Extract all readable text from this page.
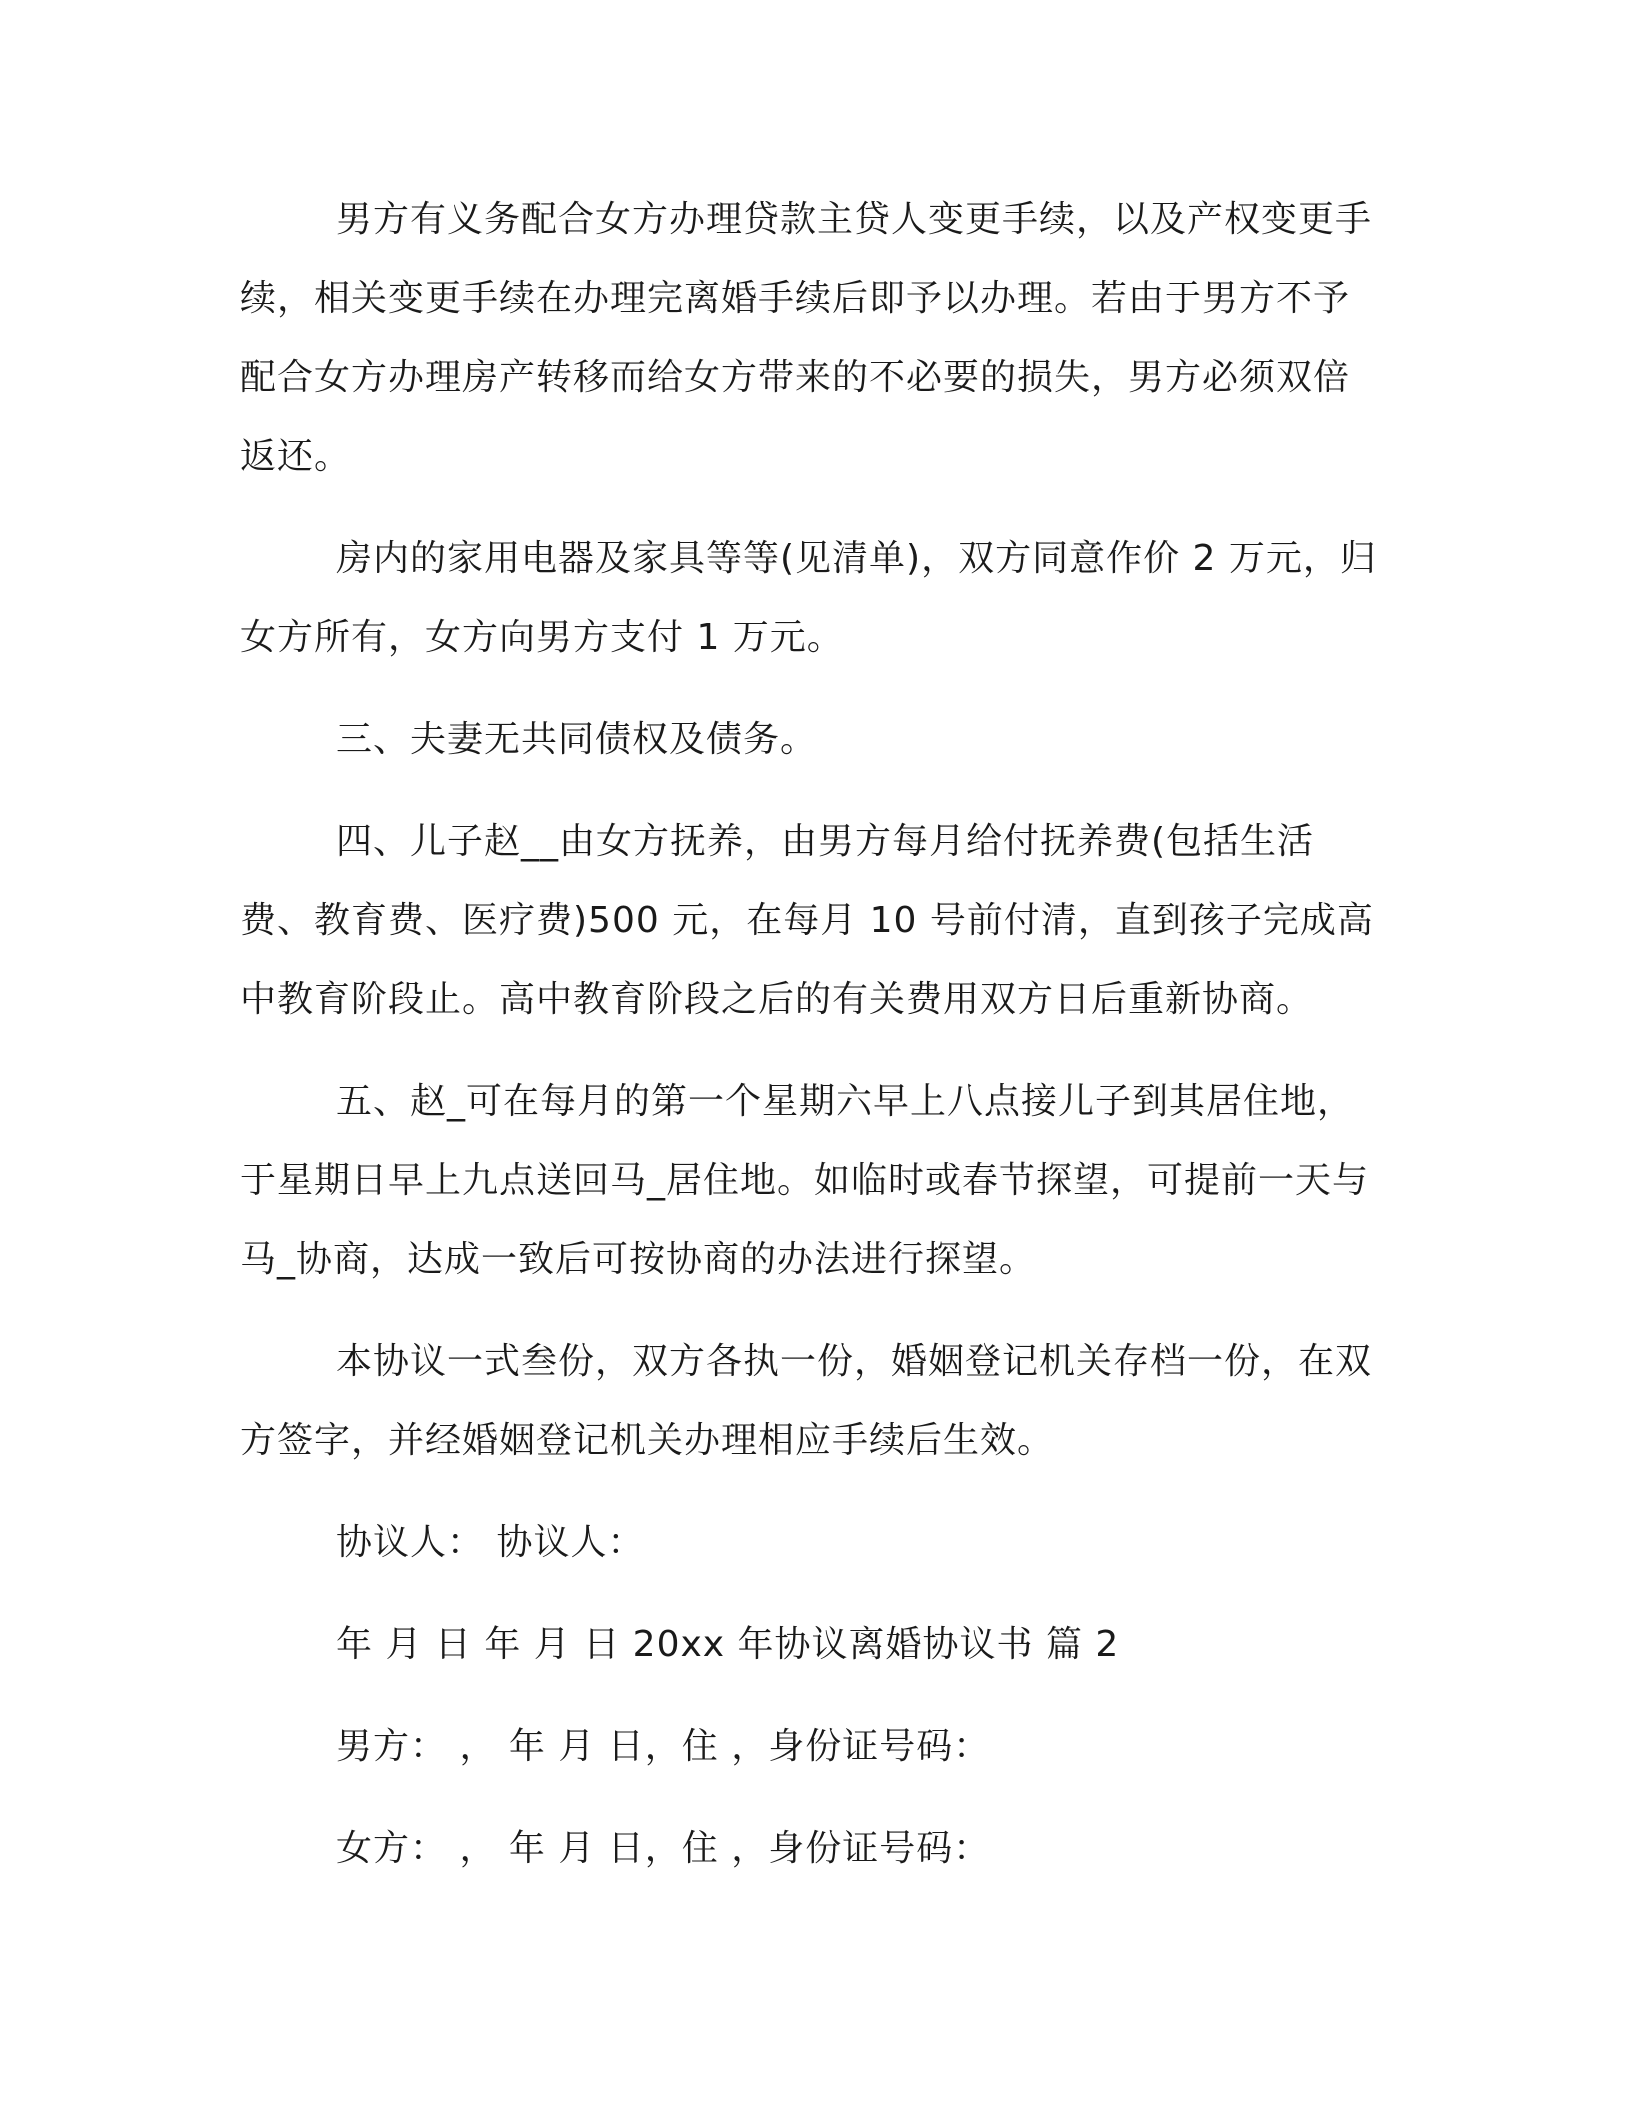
男方有义务配合女方办理贷款主贷人变更手续，以及产权变更手续，相关变更手续在办理完离婚手续后即予以办理。若由于男方不予配合女方办理房产转移而给女方带来的不必要的损失，男方必须双倍返还。

房内的家用电器及家具等等(见清单)，双方同意作价 2 万元，归女方所有，女方向男方支付 1 万元。

三、夫妻无共同债权及债务。

四、儿子赵__由女方抚养，由男方每月给付抚养费(包括生活费、教育费、医疗费)500 元，在每月 10 号前付清，直到孩子完成高中教育阶段止。高中教育阶段之后的有关费用双方日后重新协商。

五、赵_可在每月的第一个星期六早上八点接儿子到其居住地，于星期日早上九点送回马_居住地。如临时或春节探望，可提前一天与马_协商，达成一致后可按协商的办法进行探望。

本协议一式叁份，双方各执一份，婚姻登记机关存档一份，在双方签字，并经婚姻登记机关办理相应手续后生效。

协议人： 协议人：

年 月 日 年 月 日 20xx 年协议离婚协议书 篇 2

男方： ， 年 月 日，住 ，身份证号码：

女方： ， 年 月 日，住 ，身份证号码：
